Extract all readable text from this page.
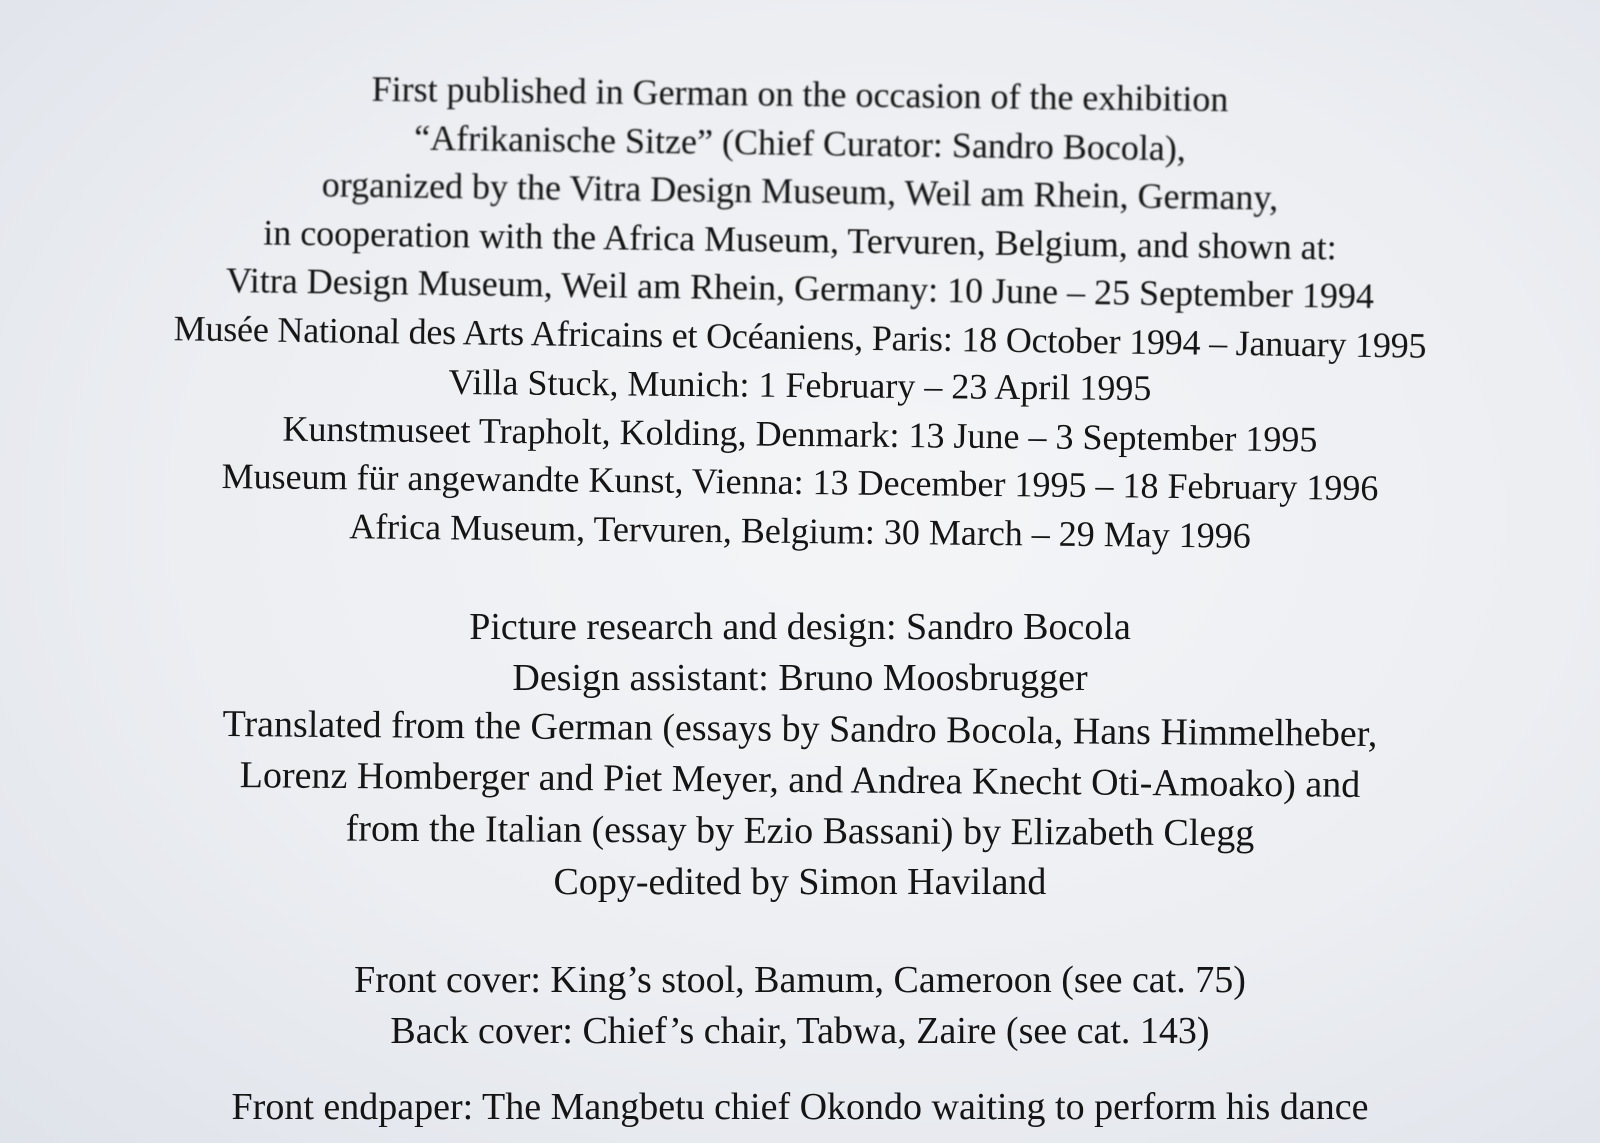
First published in German on the occasion of the exhibition
“Afrikanische Sitze” (Chief Curator: Sandro Bocola),
organized by the Vitra Design Museum, Weil am Rhein, Germany,
in cooperation with the Africa Museum, Tervuren, Belgium, and shown at:
Vitra Design Museum, Weil am Rhein, Germany: 10 June – 25 September 1994
Musée National des Arts Africains et Océaniens, Paris: 18 October 1994 – January 1995
Villa Stuck, Munich: 1 February – 23 April 1995
Kunstmuseet Trapholt, Kolding, Denmark: 13 June – 3 September 1995
Museum für angewandte Kunst, Vienna: 13 December 1995 – 18 February 1996
Africa Museum, Tervuren, Belgium: 30 March – 29 May 1996
Picture research and design: Sandro Bocola
Design assistant: Bruno Moosbrugger
Translated from the German (essays by Sandro Bocola, Hans Himmelheber,
Lorenz Homberger and Piet Meyer, and Andrea Knecht Oti-Amoako) and
from the Italian (essay by Ezio Bassani) by Elizabeth Clegg
Copy-edited by Simon Haviland
Front cover: King’s stool, Bamum, Cameroon (see cat. 75)
Back cover: Chief’s chair, Tabwa, Zaire (see cat. 143)
Front endpaper: The Mangbetu chief Okondo waiting to perform his dance
